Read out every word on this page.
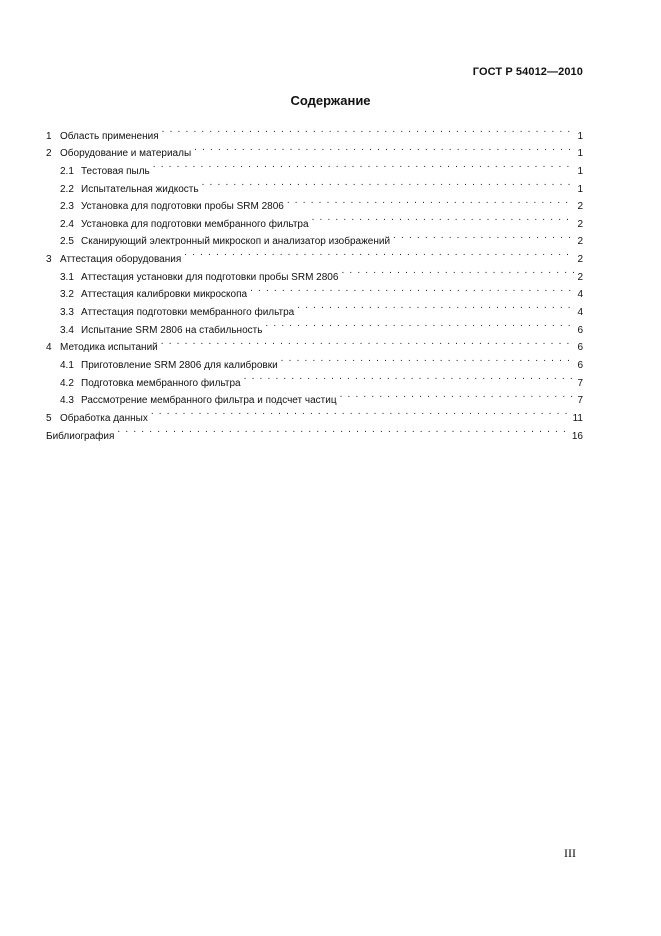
ГОСТ Р 54012—2010
Содержание
1 Область применения . . .	1
2 Оборудование и материалы . . .	1
2.1 Тестовая пыль . . .	1
2.2 Испытательная жидкость . . .	1
2.3 Установка для подготовки пробы SRM 2806 . . .	2
2.4 Установка для подготовки мембранного фильтра . . .	2
2.5 Сканирующий электронный микроскоп и анализатор изображений . . .	2
3 Аттестация оборудования . . .	2
3.1 Аттестация установки для подготовки пробы SRM 2806 . . .	2
3.2 Аттестация калибровки микроскопа . . .	4
3.3 Аттестация подготовки мембранного фильтра . . .	4
3.4 Испытание SRM 2806 на стабильность . . .	6
4 Методика испытаний . . .	6
4.1 Приготовление SRM 2806 для калибровки . . .	6
4.2 Подготовка мембранного фильтра . . .	7
4.3 Рассмотрение мембранного фильтра и подсчет частиц . . .	7
5 Обработка данных . . .	11
Библиография . . .	16
III
